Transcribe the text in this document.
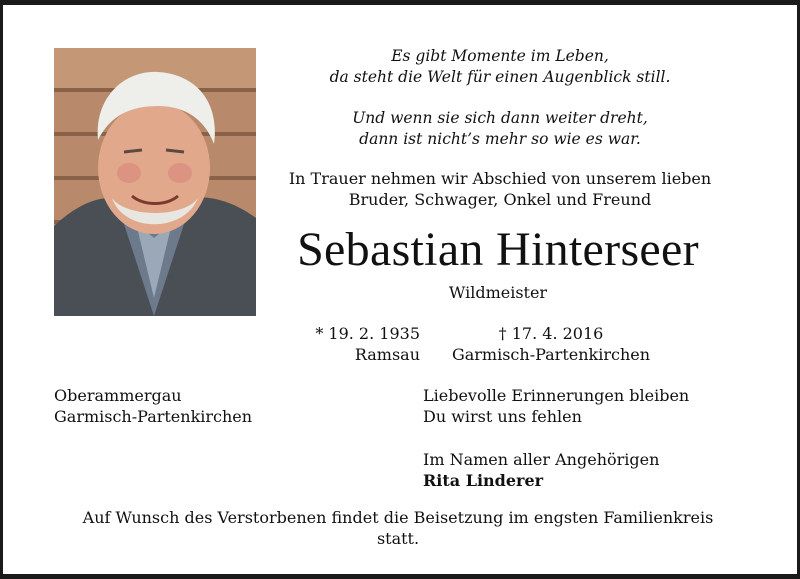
Es gibt Momente im Leben,
da steht die Welt für einen Augenblick still.
Und wenn sie sich dann weiter dreht,
dann ist nicht’s mehr so wie es war.
In Trauer nehmen wir Abschied von unserem lieben
Bruder, Schwager, Onkel und Freund
Sebastian Hinterseer
Wildmeister
* 19. 2. 1935
Ramsau
† 17. 4. 2016
Garmisch-Partenkirchen
Oberammergau
Garmisch-Partenkirchen
Liebevolle Erinnerungen bleiben
Du wirst uns fehlen
Im Namen aller Angehörigen
Rita Linderer
Auf Wunsch des Verstorbenen findet die Beisetzung im engsten Familienkreis
statt.
